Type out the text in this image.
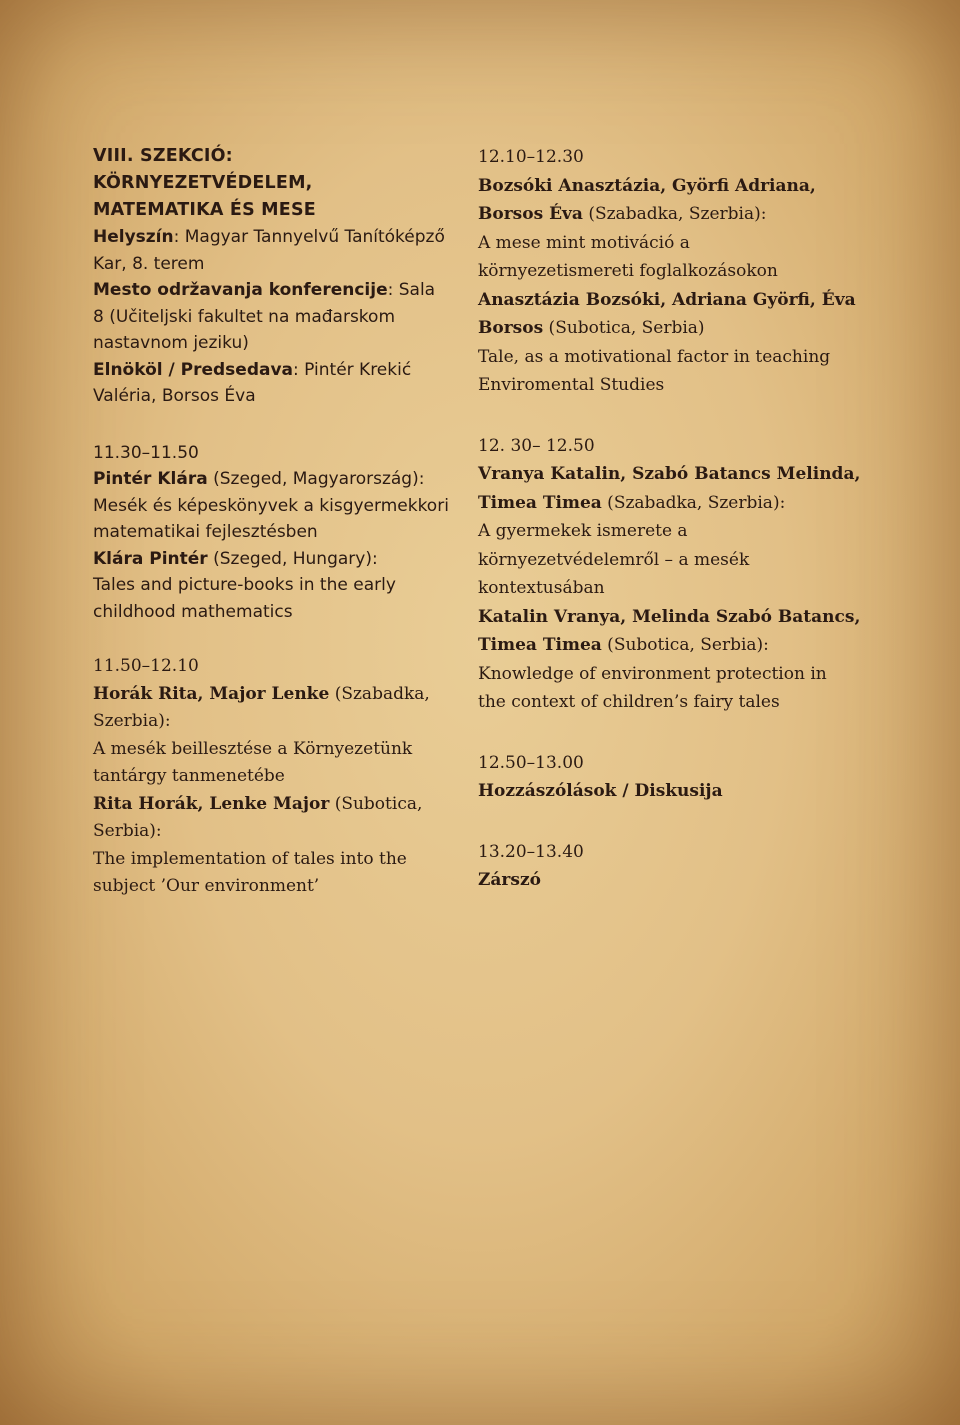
VIII. SZEKCIÓ:
KÖRNYEZETVÉDELEM,
MATEMATIKA ÉS MESE
Helyszín: Magyar Tannyelvű Tanítóképző
Kar, 8. terem
Mesto održavanja konferencije: Sala
8 (Učiteljski fakultet na mađarskom
nastavnom jeziku)
Elnököl / Predsedava: Pintér Krekić
Valéria, Borsos Éva
11.30–11.50
Pintér Klára (Szeged, Magyarország):
Mesék és képeskönyvek a kisgyermekkori
matematikai fejlesztésben
Klára Pintér (Szeged, Hungary):
Tales and picture-books in the early
childhood mathematics
11.50–12.10
Horák Rita, Major Lenke (Szabadka,
Szerbia):
A mesék beillesztése a Környezetünk
tantárgy tanmenetébe
Rita Horák, Lenke Major (Subotica,
Serbia):
The implementation of tales into the
subject ’Our environment’
12.10–12.30
Bozsóki Anasztázia, Györfi Adriana,
Borsos Éva (Szabadka, Szerbia):
A mese mint motiváció a
környezetismereti foglalkozásokon
Anasztázia Bozsóki, Adriana Györfi, Éva
Borsos (Subotica, Serbia)
Tale, as a motivational factor in teaching
Enviromental Studies
12. 30– 12.50
Vranya Katalin, Szabó Batancs Melinda,
Timea Timea (Szabadka, Szerbia):
A gyermekek ismerete a
környezetvédelemről – a mesék
kontextusában
Katalin Vranya, Melinda Szabó Batancs,
Timea Timea (Subotica, Serbia):
Knowledge of environment protection in
the context of children’s fairy tales
12.50–13.00
Hozzászólások / Diskusija
13.20–13.40
Zárszó
